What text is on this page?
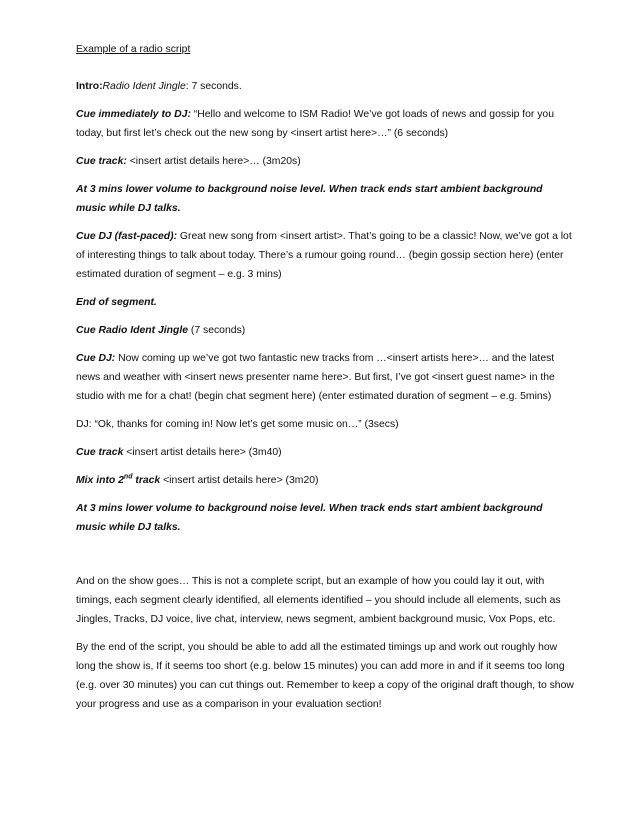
Example of a radio script

Intro:Radio Ident Jingle: 7 seconds.

Cue immediately to DJ: “Hello and welcome to ISM Radio! We’ve got loads of news and gossip for you today, but first let’s check out the new song by <insert artist here>…” (6 seconds)

Cue track: <insert artist details here>… (3m20s)

At 3 mins lower volume to background noise level. When track ends start ambient background music while DJ talks.

Cue DJ (fast-paced): Great new song from <insert artist>. That’s going to be a classic! Now, we’ve got a lot of interesting things to talk about today. There’s a rumour going round… (begin gossip section here) (enter estimated duration of segment – e.g. 3 mins)

End of segment.

Cue Radio Ident Jingle (7 seconds)

Cue DJ: Now coming up we’ve got two fantastic new tracks from …<insert artists here>… and the latest news and weather with <insert news presenter name here>. But first, I’ve got <insert guest name> in the studio with me for a chat! (begin chat segment here) (enter estimated duration of segment – e.g. 5mins)

DJ: “Ok, thanks for coming in! Now let’s get some music on…” (3secs)

Cue track <insert artist details here> (3m40)

Mix into 2nd track <insert artist details here> (3m20)

At 3 mins lower volume to background noise level. When track ends start ambient background music while DJ talks.

And on the show goes… This is not a complete script, but an example of how you could lay it out, with timings, each segment clearly identified, all elements identified – you should include all elements, such as Jingles, Tracks, DJ voice, live chat, interview, news segment, ambient background music, Vox Pops, etc.

By the end of the script, you should be able to add all the estimated timings up and work out roughly how long the show is, If it seems too short (e.g. below 15 minutes) you can add more in and if it seems too long (e.g. over 30 minutes) you can cut things out. Remember to keep a copy of the original draft though, to show your progress and use as a comparison in your evaluation section!
